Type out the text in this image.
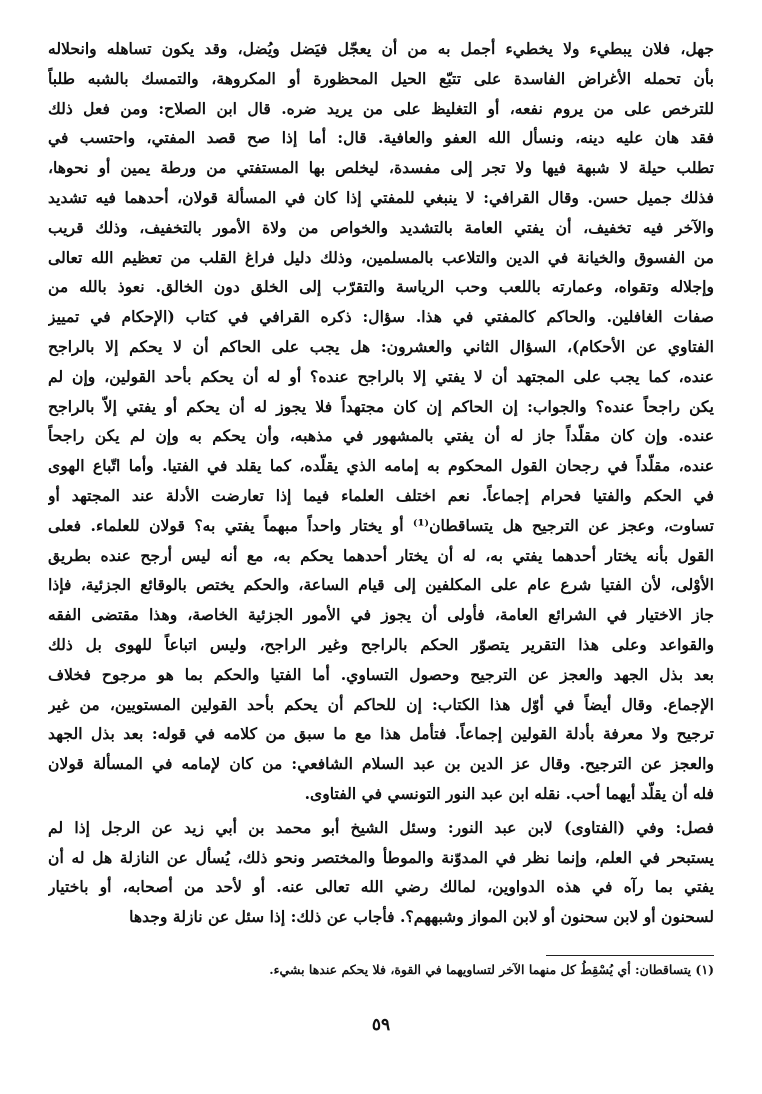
جهل، فلان يبطيء ولا يخطيء أجمل به من أن يعجّل فيَضل ويُضل، وقد يكون تساهله وانحلاله
بأن تحمله الأغراض الفاسدة على تتبّع الحيل المحظورة أو المكروهة، والتمسك بالشبه طلباً
للترخص على من يروم نفعه، أو التغليظ على من يريد ضره. قال ابن الصلاح: ومن فعل ذلك
فقد هان عليه دينه، ونسأل الله العفو والعافية. قال: أما إذا صح قصد المفتي، واحتسب في
تطلب حيلة لا شبهة فيها ولا تجر إلى مفسدة، ليخلص بها المستفتي من ورطة يمين أو نحوها،
فذلك جميل حسن. وقال القرافي: لا ينبغي للمفتي إذا كان في المسألة قولان، أحدهما فيه تشديد
والآخر فيه تخفيف، أن يفتي العامة بالتشديد والخواص من ولاة الأمور بالتخفيف، وذلك قريب
من الفسوق والخيانة في الدين والتلاعب بالمسلمين، وذلك دليل فراغ القلب من تعظيم الله تعالى
وإجلاله وتقواه، وعمارته باللعب وحب الرياسة والتقرّب إلى الخلق دون الخالق. نعوذ بالله من
صفات الغافلين. والحاكم كالمفتي في هذا. سؤال: ذكره القرافي في كتاب (الإحكام في تمييز
الفتاوي عن الأحكام)، السؤال الثاني والعشرون: هل يجب على الحاكم أن لا يحكم إلا بالراجح
عنده، كما يجب على المجتهد أن لا يفتي إلا بالراجح عنده؟ أو له أن يحكم بأحد القولين، وإن لم
يكن راجحاً عنده؟ والجواب: إن الحاكم إن كان مجتهداً فلا يجوز له أن يحكم أو يفتي إلاّ بالراجح
عنده. وإن كان مقلّداً جاز له أن يفتي بالمشهور في مذهبه، وأن يحكم به وإن لم يكن راجحاً
عنده، مقلّداً في رجحان القول المحكوم به إمامه الذي يقلّده، كما يقلد في الفتيا. وأما اتّباع الهوى
في الحكم والفتيا فحرام إجماعاً. نعم اختلف العلماء فيما إذا تعارضت الأدلة عند المجتهد أو
تساوت، وعجز عن الترجيح هل يتساقطان⁽¹⁾ أو يختار واحداً مبهماً يفتي به؟ قولان للعلماء. فعلى
القول بأنه يختار أحدهما يفتي به، له أن يختار أحدهما يحكم به، مع أنه ليس أرجح عنده بطريق
الأوْلى، لأن الفتيا شرع عام على المكلفين إلى قيام الساعة، والحكم يختص بالوقائع الجزئية، فإذا
جاز الاختيار في الشرائع العامة، فأولى أن يجوز في الأمور الجزئية الخاصة، وهذا مقتضى الفقه
والقواعد وعلى هذا التقرير يتصوّر الحكم بالراجح وغير الراجح، وليس اتباعاً للهوى بل ذلك
بعد بذل الجهد والعجز عن الترجيح وحصول التساوي. أما الفتيا والحكم بما هو مرجوح فخلاف
الإجماع. وقال أيضاً في أوّل هذا الكتاب: إن للحاكم أن يحكم بأحد القولين المستويين، من غير
ترجيح ولا معرفة بأدلة القولين إجماعاً. فتأمل هذا مع ما سبق من كلامه في قوله: بعد بذل الجهد
والعجز عن الترجيح. وقال عز الدين بن عبد السلام الشافعي: من كان لإمامه في المسألة قولان
فله أن يقلّد أيهما أحب. نقله ابن عبد النور التونسي في الفتاوى.
فصل: وفي (الفتاوى) لابن عبد النور: وسئل الشيخ أبو محمد بن أبي زيد عن الرجل إذا لم
يستبحر في العلم، وإنما نظر في المدوّنة والموطأ والمختصر ونحو ذلك، يُسأل عن النازلة هل له أن
يفتي بما رآه في هذه الدواوين، لمالك رضي الله تعالى عنه. أو لأحد من أصحابه، أو باختيار
لسحنون أو لابن سحنون أو لابن المواز وشبههم؟. فأجاب عن ذلك: إذا سئل عن نازلة وجدها
(١) يتساقطان: أي يُسْقِطُ كل منهما الآخر لتساويهما في القوة، فلا يحكم عندها بشيء.
٥٩
